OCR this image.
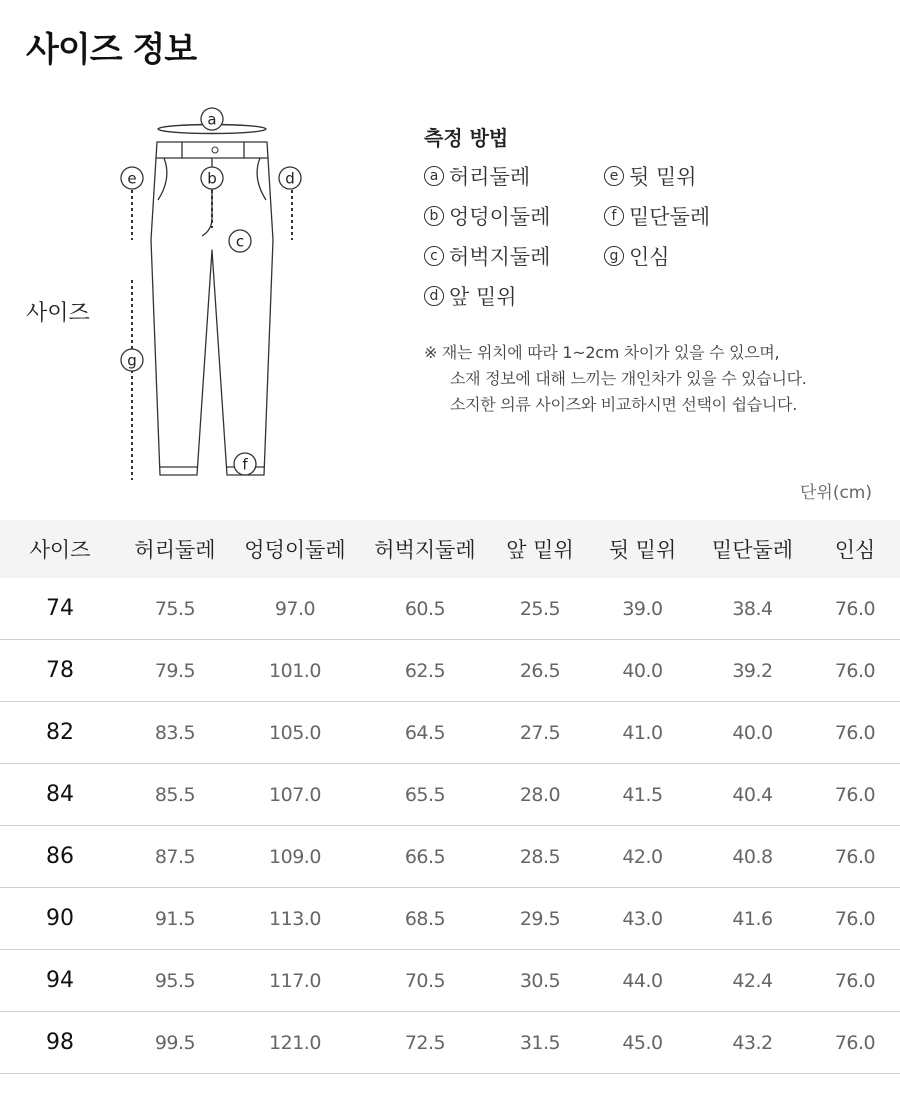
사이즈 정보
사이즈
a
e	b	d
c
g
f
측정 방법
a 허리둘레	e 뒷 밑위
b 엉덩이둘레	f 밑단둘레
c 허벅지둘레	g 인심
d 앞 밑위
※ 재는 위치에 따라 1~2cm 차이가 있을 수 있으며,
소재 정보에 대해 느끼는 개인차가 있을 수 있습니다.
소지한 의류 사이즈와 비교하시면 선택이 쉽습니다.
단위(cm)
사이즈	허리둘레	엉덩이둘레	허벅지둘레	앞 밑위	뒷 밑위	밑단둘레	인심
74	75.5	97.0	60.5	25.5	39.0	38.4	76.0
78	79.5	101.0	62.5	26.5	40.0	39.2	76.0
82	83.5	105.0	64.5	27.5	41.0	40.0	76.0
84	85.5	107.0	65.5	28.0	41.5	40.4	76.0
86	87.5	109.0	66.5	28.5	42.0	40.8	76.0
90	91.5	113.0	68.5	29.5	43.0	41.6	76.0
94	95.5	117.0	70.5	30.5	44.0	42.4	76.0
98	99.5	121.0	72.5	31.5	45.0	43.2	76.0
